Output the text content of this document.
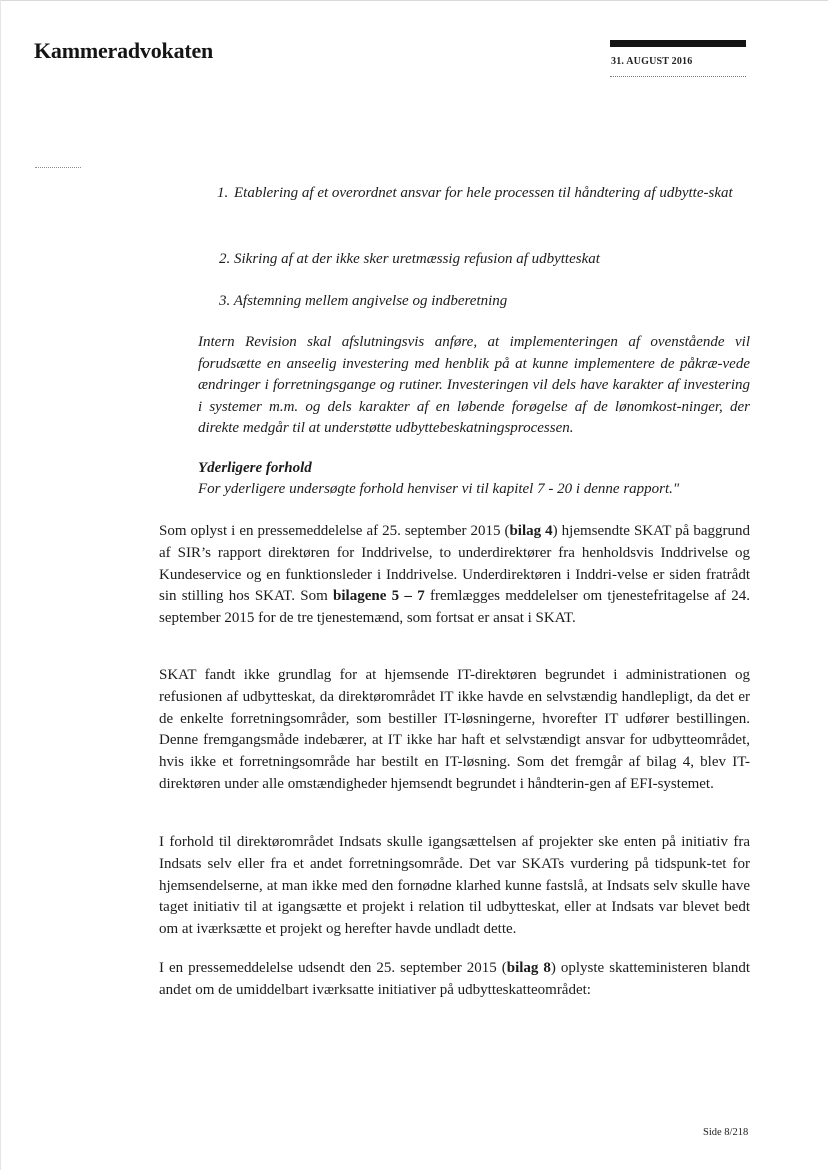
Kammeradvokaten	31. AUGUST 2016
1. Etablering af et overordnet ansvar for hele processen til håndtering af udbytte-skat
2. Sikring af at der ikke sker uretmæssig refusion af udbytteskat
3. Afstemning mellem angivelse og indberetning
Intern Revision skal afslutningsvis anføre, at implementeringen af ovenstående vil forudsætte en anseelig investering med henblik på at kunne implementere de påkræ-vede ændringer i forretningsgange og rutiner. Investeringen vil dels have karakter af investering i systemer m.m. og dels karakter af en løbende forøgelse af de lønomkost-ninger, der direkte medgår til at understøtte udbyttebeskatningsprocessen.
Yderligere forhold
For yderligere undersøgte forhold henviser vi til kapitel 7 - 20 i denne rapport."
Som oplyst i en pressemeddelelse af 25. september 2015 (bilag 4) hjemsendte SKAT på baggrund af SIR’s rapport direktøren for Inddrivelse, to underdirektører fra henholdsvis Inddrivelse og Kundeservice og en funktionsleder i Inddrivelse. Underdirektøren i Inddri-velse er siden fratrådt sin stilling hos SKAT. Som bilagene 5 – 7 fremlægges meddelelser om tjenestefritagelse af 24. september 2015 for de tre tjenestemænd, som fortsat er ansat i SKAT.
SKAT fandt ikke grundlag for at hjemsende IT-direktøren begrundet i administrationen og refusionen af udbytteskat, da direktørområdet IT ikke havde en selvstændig handlepligt, da det er de enkelte forretningsområder, som bestiller IT-løsningerne, hvorefter IT udfører bestillingen. Denne fremgangsmåde indebærer, at IT ikke har haft et selvstændigt ansvar for udbytteområdet, hvis ikke et forretningsområde har bestilt en IT-løsning. Som det fremgår af bilag 4, blev IT-direktøren under alle omstændigheder hjemsendt begrundet i håndterin-gen af EFI-systemet.
I forhold til direktørområdet Indsats skulle igangsættelsen af projekter ske enten på initiativ fra Indsats selv eller fra et andet forretningsområde. Det var SKATs vurdering på tidspunk-tet for hjemsendelserne, at man ikke med den fornødne klarhed kunne fastslå, at Indsats selv skulle have taget initiativ til at igangsætte et projekt i relation til udbytteskat, eller at Indsats var blevet bedt om at iværksætte et projekt og herefter havde undladt dette.
I en pressemeddelelse udsendt den 25. september 2015 (bilag 8) oplyste skatteministeren blandt andet om de umiddelbart iværksatte initiativer på udbytteskatteområdet:
Side 8/218
